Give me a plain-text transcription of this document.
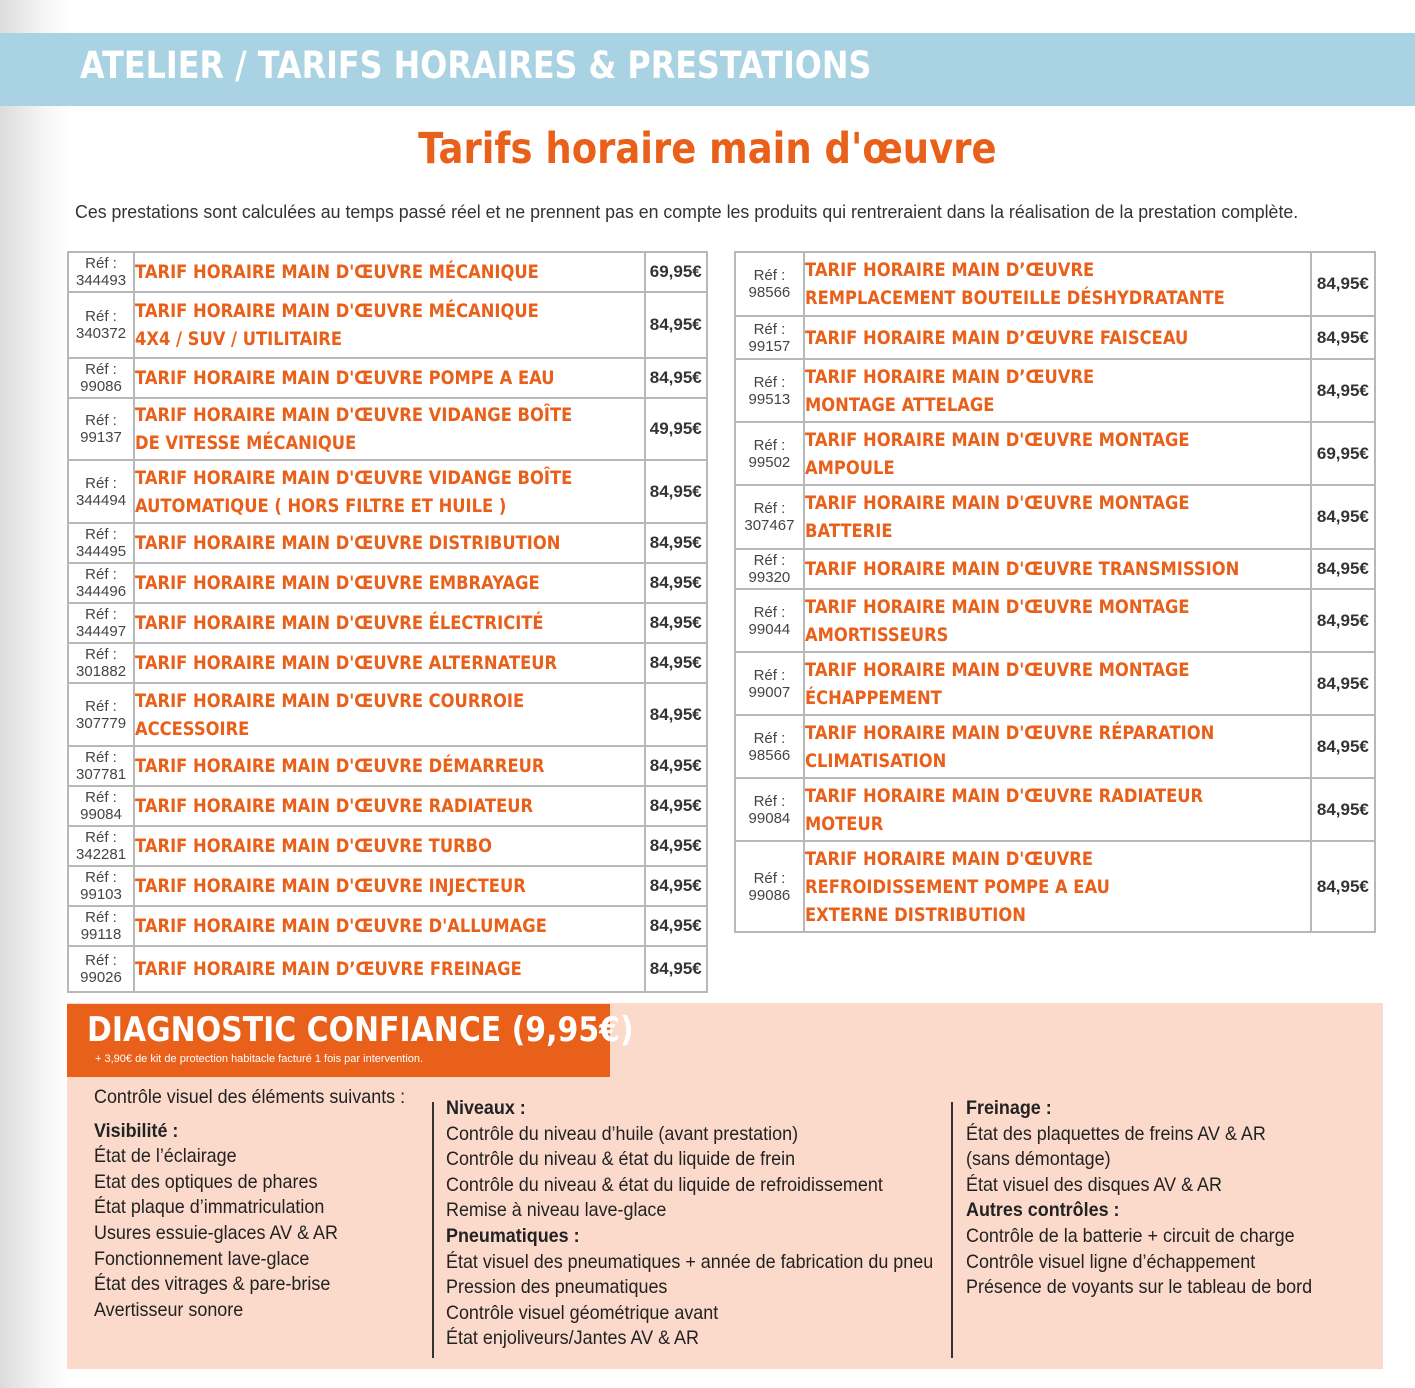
ATELIER / TARIFS HORAIRES & PRESTATIONS
Tarifs horaire main d'œuvre
Ces prestations sont calculées au temps passé réel et ne prennent pas en compte les produits qui rentreraient dans la réalisation de la prestation complète.
Réf : 344493	TARIF HORAIRE MAIN D'ŒUVRE MÉCANIQUE	69,95€
Réf : 340372	TARIF HORAIRE MAIN D'ŒUVRE MÉCANIQUE
4X4 / SUV / UTILITAIRE	84,95€
Réf : 99086	TARIF HORAIRE MAIN D'ŒUVRE POMPE A EAU	84,95€
Réf : 99137	TARIF HORAIRE MAIN D'ŒUVRE VIDANGE BOÎTE
DE VITESSE MÉCANIQUE	49,95€
Réf : 344494	TARIF HORAIRE MAIN D'ŒUVRE VIDANGE BOÎTE
AUTOMATIQUE ( HORS FILTRE ET HUILE )	84,95€
Réf : 344495	TARIF HORAIRE MAIN D'ŒUVRE DISTRIBUTION	84,95€
Réf : 344496	TARIF HORAIRE MAIN D'ŒUVRE EMBRAYAGE	84,95€
Réf : 344497	TARIF HORAIRE MAIN D'ŒUVRE ÉLECTRICITÉ	84,95€
Réf : 301882	TARIF HORAIRE MAIN D'ŒUVRE ALTERNATEUR	84,95€
Réf : 307779	TARIF HORAIRE MAIN D'ŒUVRE COURROIE
ACCESSOIRE	84,95€
Réf : 307781	TARIF HORAIRE MAIN D'ŒUVRE DÉMARREUR	84,95€
Réf : 99084	TARIF HORAIRE MAIN D'ŒUVRE RADIATEUR	84,95€
Réf : 342281	TARIF HORAIRE MAIN D'ŒUVRE TURBO	84,95€
Réf : 99103	TARIF HORAIRE MAIN D'ŒUVRE INJECTEUR	84,95€
Réf : 99118	TARIF HORAIRE MAIN D'ŒUVRE D'ALLUMAGE	84,95€
Réf : 99026	TARIF HORAIRE MAIN D’ŒUVRE FREINAGE	84,95€
Réf : 98566	TARIF HORAIRE MAIN D’ŒUVRE
REMPLACEMENT BOUTEILLE DÉSHYDRATANTE	84,95€
Réf : 99157	TARIF HORAIRE MAIN D’ŒUVRE FAISCEAU	84,95€
Réf : 99513	TARIF HORAIRE MAIN D’ŒUVRE
MONTAGE ATTELAGE	84,95€
Réf : 99502	TARIF HORAIRE MAIN D'ŒUVRE MONTAGE
AMPOULE	69,95€
Réf : 307467	TARIF HORAIRE MAIN D'ŒUVRE MONTAGE
BATTERIE	84,95€
Réf : 99320	TARIF HORAIRE MAIN D'ŒUVRE TRANSMISSION	84,95€
Réf : 99044	TARIF HORAIRE MAIN D'ŒUVRE MONTAGE
AMORTISSEURS	84,95€
Réf : 99007	TARIF HORAIRE MAIN D'ŒUVRE MONTAGE
ÉCHAPPEMENT	84,95€
Réf : 98566	TARIF HORAIRE MAIN D'ŒUVRE RÉPARATION
CLIMATISATION	84,95€
Réf : 99084	TARIF HORAIRE MAIN D'ŒUVRE RADIATEUR
MOTEUR	84,95€
Réf : 99086	TARIF HORAIRE MAIN D'ŒUVRE
REFROIDISSEMENT POMPE A EAU
EXTERNE DISTRIBUTION	84,95€
DIAGNOSTIC CONFIANCE (9,95€)
+ 3,90€ de kit de protection habitacle facturé 1 fois par intervention.
Contrôle visuel des éléments suivants :
Visibilité :
État de l’éclairage
Etat des optiques de phares
État plaque d’immatriculation
Usures essuie-glaces AV & AR
Fonctionnement lave-glace
État des vitrages & pare-brise
Avertisseur sonore
Niveaux :
Contrôle du niveau d’huile (avant prestation)
Contrôle du niveau & état du liquide de frein
Contrôle du niveau & état du liquide de refroidissement
Remise à niveau lave-glace
Pneumatiques :
État visuel des pneumatiques + année de fabrication du pneu
Pression des pneumatiques
Contrôle visuel géométrique avant
État enjoliveurs/Jantes AV & AR
Freinage :
État des plaquettes de freins AV & AR
(sans démontage)
État visuel des disques AV & AR
Autres contrôles :
Contrôle de la batterie + circuit de charge
Contrôle visuel ligne d’échappement
Présence de voyants sur le tableau de bord
